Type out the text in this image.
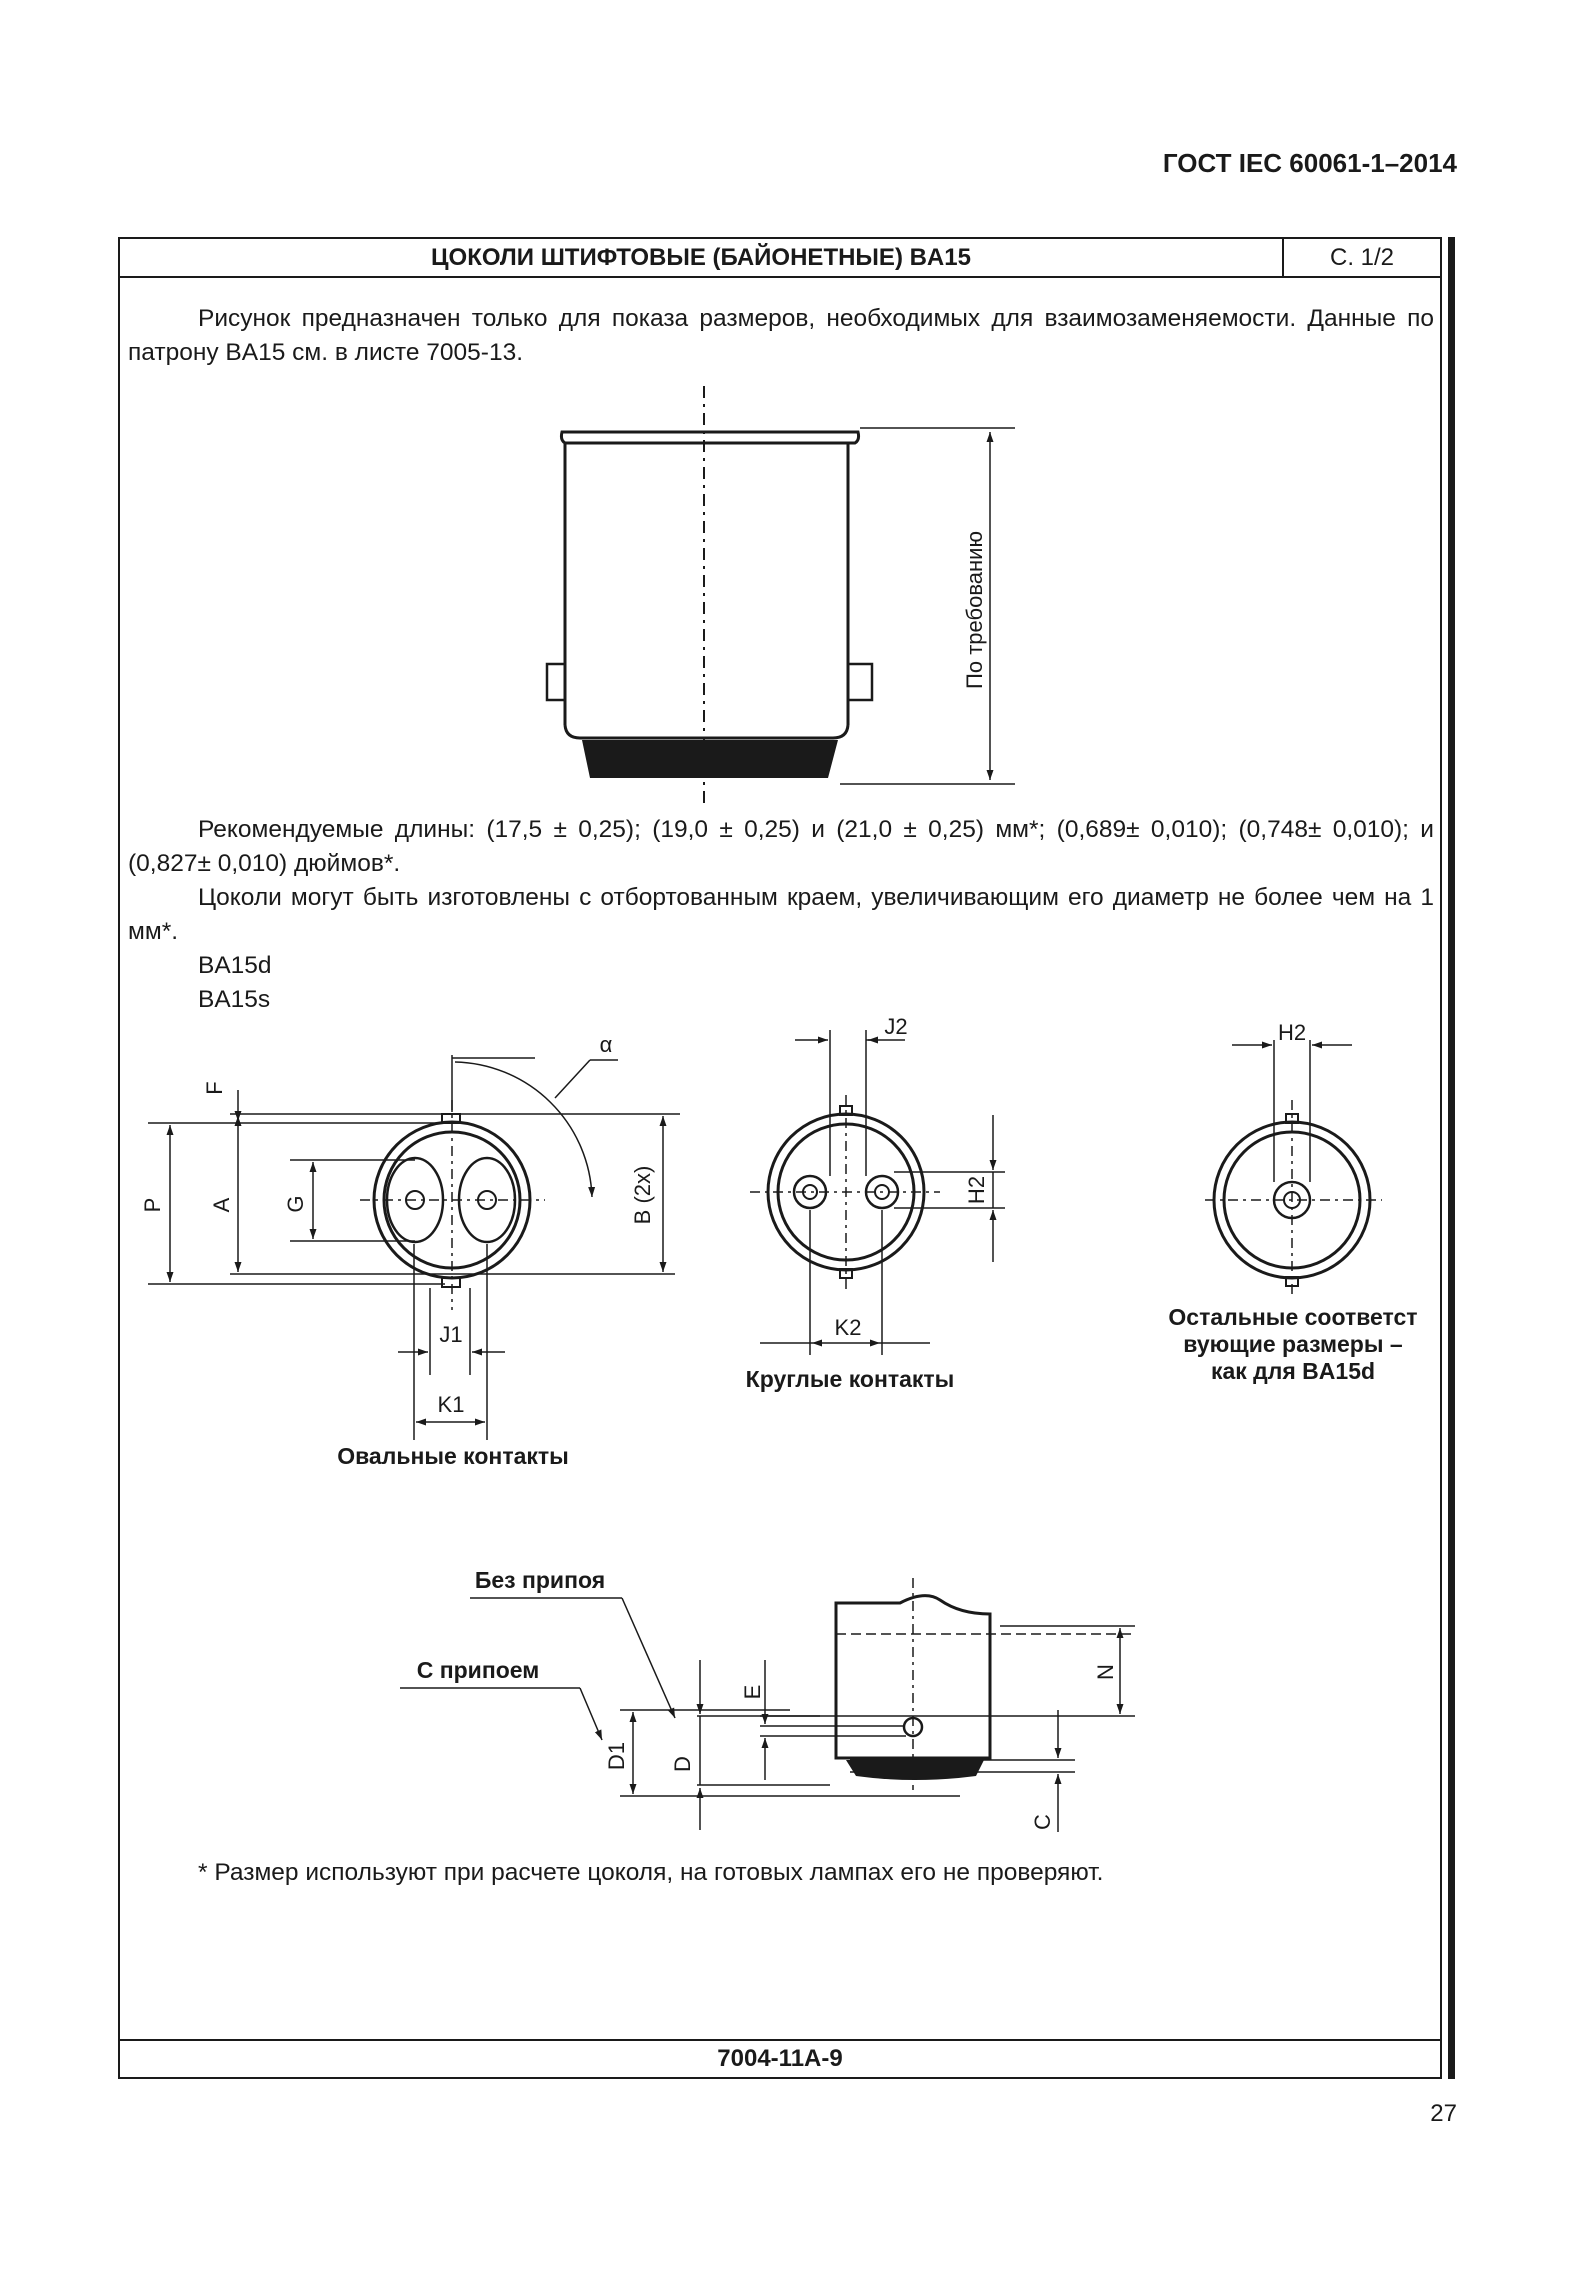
ГОСТ IEC 60061-1–2014
ЦОКОЛИ ШТИФТОВЫЕ (БАЙОНЕТНЫЕ) BA15	С. 1/2

Рисунок предназначен только для показа размеров, необходимых для взаимозаменяемости. Данные по патрону BA15 см. в листе 7005-13.

Рекомендуемые длины: (17,5 ± 0,25); (19,0 ± 0,25) и (21,0 ± 0,25) мм*; (0,689± 0,010); (0,748± 0,010); и (0,827± 0,010) дюймов*.

Цоколи могут быть изготовлены с отбортованным краем, увеличивающим его диаметр не более чем на 1 мм*.

BA15d
BA15s

* Размер используют при расчете цоколя, на готовых лампах его не проверяют.

7004-11A-9
27
По требованию
α
F
P A G	B (2x)
J1
K1
Овальные контакты
J2
H2
K2
Круглые контакты
H2
Остальные соответст
вующие размеры –
как для BA15d
Без припоя
С припоем
E
N
D1 D
C
